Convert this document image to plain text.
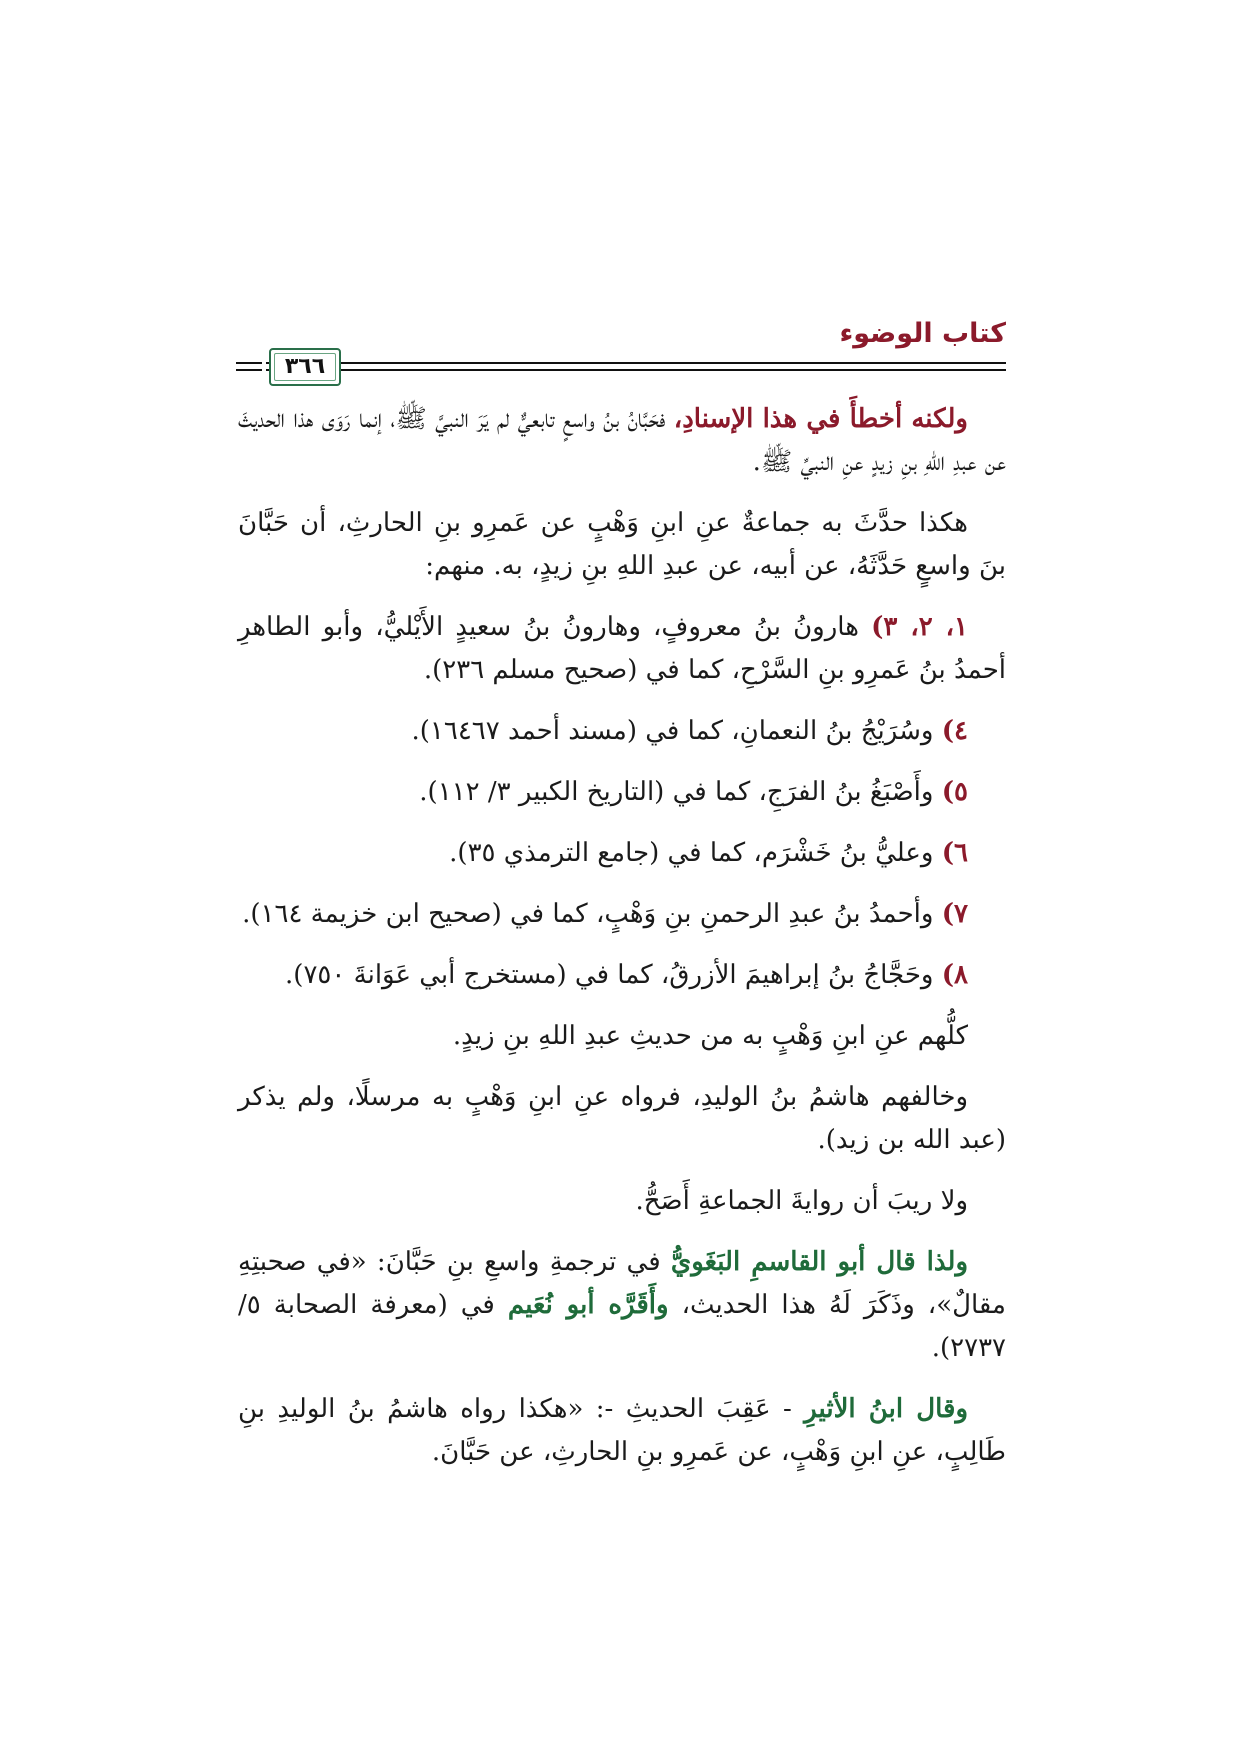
كتاب الوضوء
٣٦٦

ولكنه أخطأَ في هذا الإسنادِ، فحَبَّانُ بنُ واسعٍ تابعيٌّ لم يَرَ النبيَّ ﷺ، إنما رَوَى هذا الحديثَ عن عبدِ اللهِ بنِ زيدٍ عنِ النبيِّ ﷺ.

هكذا حدَّثَ به جماعةٌ عنِ ابنِ وَهْبٍ عن عَمرِو بنِ الحارثِ، أن حَبَّانَ بنَ واسعٍ حَدَّثَهُ، عن أبيه، عن عبدِ اللهِ بنِ زيدٍ، به. منهم:

١، ٢، ٣) هارونُ بنُ معروفٍ، وهارونُ بنُ سعيدٍ الأَيْليُّ، وأبو الطاهرِ أحمدُ بنُ عَمرِو بنِ السَّرْحِ، كما في (صحيح مسلم ٢٣٦).

٤) وسُرَيْجُ بنُ النعمانِ، كما في (مسند أحمد ١٦٤٦٧).

٥) وأَصْبَغُ بنُ الفرَجِ، كما في (التاريخ الكبير ٣/ ١١٢).

٦) وعليُّ بنُ خَشْرَم، كما في (جامع الترمذي ٣٥).

٧) وأحمدُ بنُ عبدِ الرحمنِ بنِ وَهْبٍ، كما في (صحيح ابن خزيمة ١٦٤).

٨) وحَجَّاجُ بنُ إبراهيمَ الأزرقُ، كما في (مستخرج أبي عَوَانةَ ٧٥٠).

كلُّهم عنِ ابنِ وَهْبٍ به من حديثِ عبدِ اللهِ بنِ زيدٍ.

وخالفهم هاشمُ بنُ الوليدِ، فرواه عنِ ابنِ وَهْبٍ به مرسلًا، ولم يذكر (عبد الله بن زيد).

ولا ريبَ أن روايةَ الجماعةِ أَصَحُّ.

ولذا قال أبو القاسمِ البَغَويُّ في ترجمةِ واسعِ بنِ حَبَّانَ: «في صحبتِهِ مقالٌ»، وذَكَرَ لَهُ هذا الحديث، وأَقَرَّه أبو نُعَيم في (معرفة الصحابة ٥/ ٢٧٣٧).

وقال ابنُ الأثيرِ - عَقِبَ الحديثِ -: «هكذا رواه هاشمُ بنُ الوليدِ بنِ طَالِبٍ، عنِ ابنِ وَهْبٍ، عن عَمرِو بنِ الحارثِ، عن حَبَّانَ.
